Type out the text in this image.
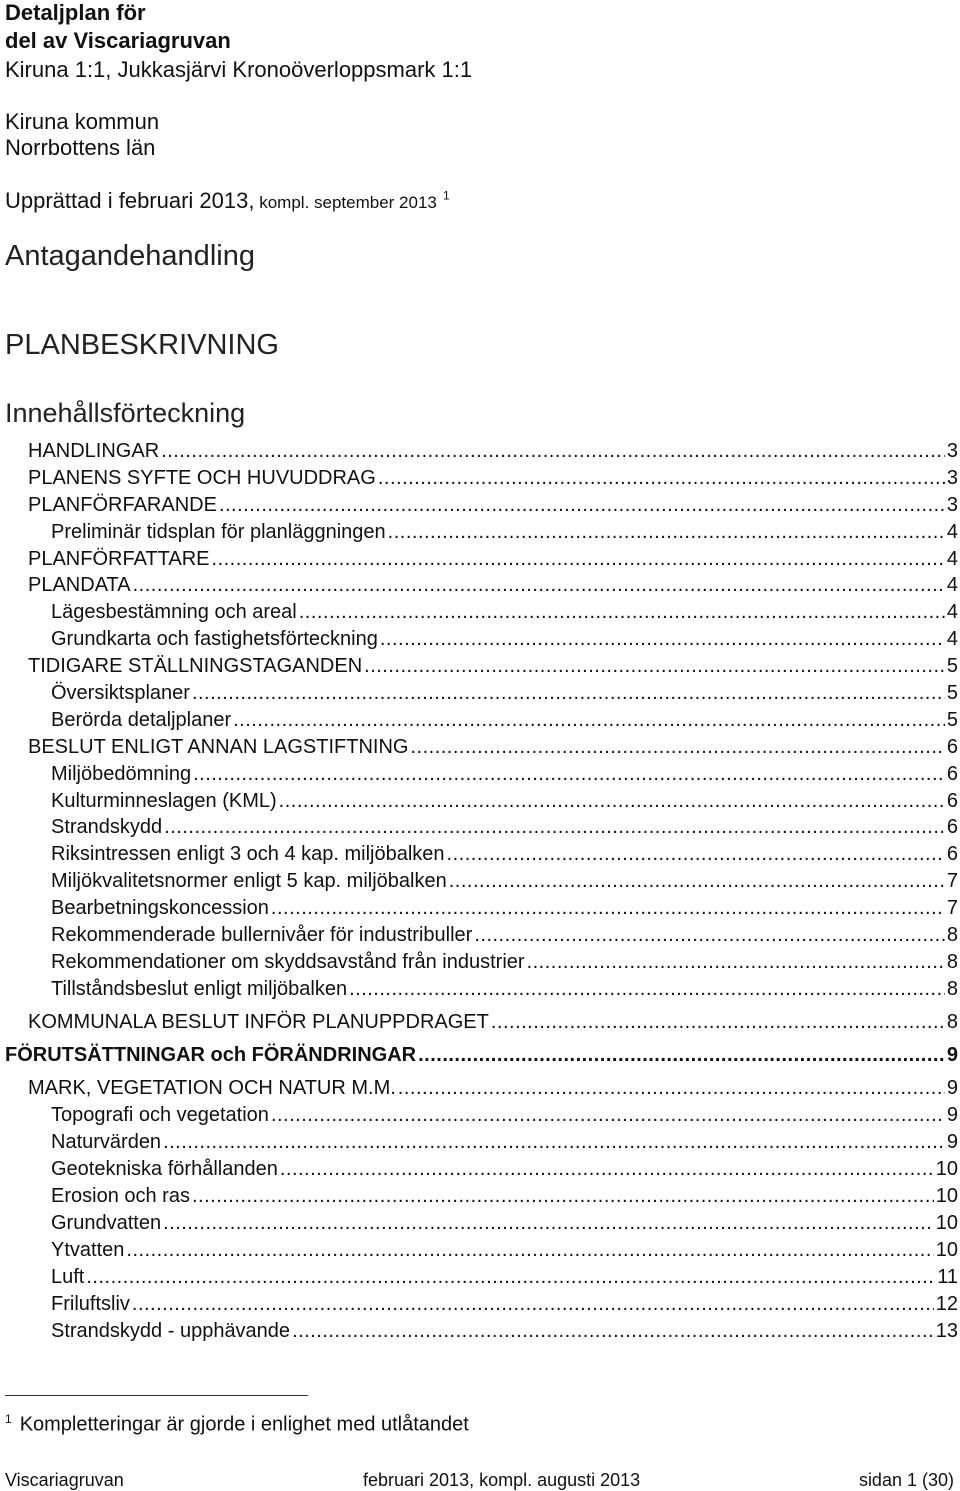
Detaljplan för
del av Viscariagruvan
Kiruna 1:1, Jukkasjärvi Kronoöverloppsmark 1:1
Kiruna kommun
Norrbottens län
Upprättad i februari 2013, kompl. september 2013 $^1$
Antagandehandling
PLANBESKRIVNING
Innehållsförteckning
HANDLINGAR .....	3
PLANENS SYFTE OCH HUVUDDRAG .....	3
PLANFÖRFARANDE .....	3
Preliminär tidsplan för planläggningen .....	4
PLANFÖRFATTARE .....	4
PLANDATA .....	4
Lägesbestämning och areal .....	4
Grundkarta och fastighetsförteckning .....	4
TIDIGARE STÄLLNINGSTAGANDEN .....	5
Översiktsplaner .....	5
Berörda detaljplaner .....	5
BESLUT ENLIGT ANNAN LAGSTIFTNING .....	6
Miljöbedömning .....	6
Kulturminneslagen (KML) .....	6
Strandskydd .....	6
Riksintressen enligt 3 och 4 kap. miljöbalken .....	6
Miljökvalitetsnormer enligt 5 kap. miljöbalken .....	7
Bearbetningskoncession .....	7
Rekommenderade bullernivåer för industribuller .....	8
Rekommendationer om skyddsavstånd från industrier .....	8
Tillståndsbeslut enligt miljöbalken .....	8
KOMMUNALA BESLUT INFÖR PLANUPPDRAGET .....	8
FÖRUTSÄTTNINGAR och FÖRÄNDRINGAR .....	9
MARK, VEGETATION OCH NATUR M.M. .....	9
Topografi och vegetation .....	9
Naturvärden .....	9
Geotekniska förhållanden .....	10
Erosion och ras .....	10
Grundvatten .....	10
Ytvatten .....	10
Luft .....	11
Friluftsliv .....	12
Strandskydd - upphävande .....	13
$^1$ Kompletteringar är gjorde i enlighet med utlåtandet
Viscariagruvan	februari 2013, kompl. augusti 2013	sidan 1 (30)
